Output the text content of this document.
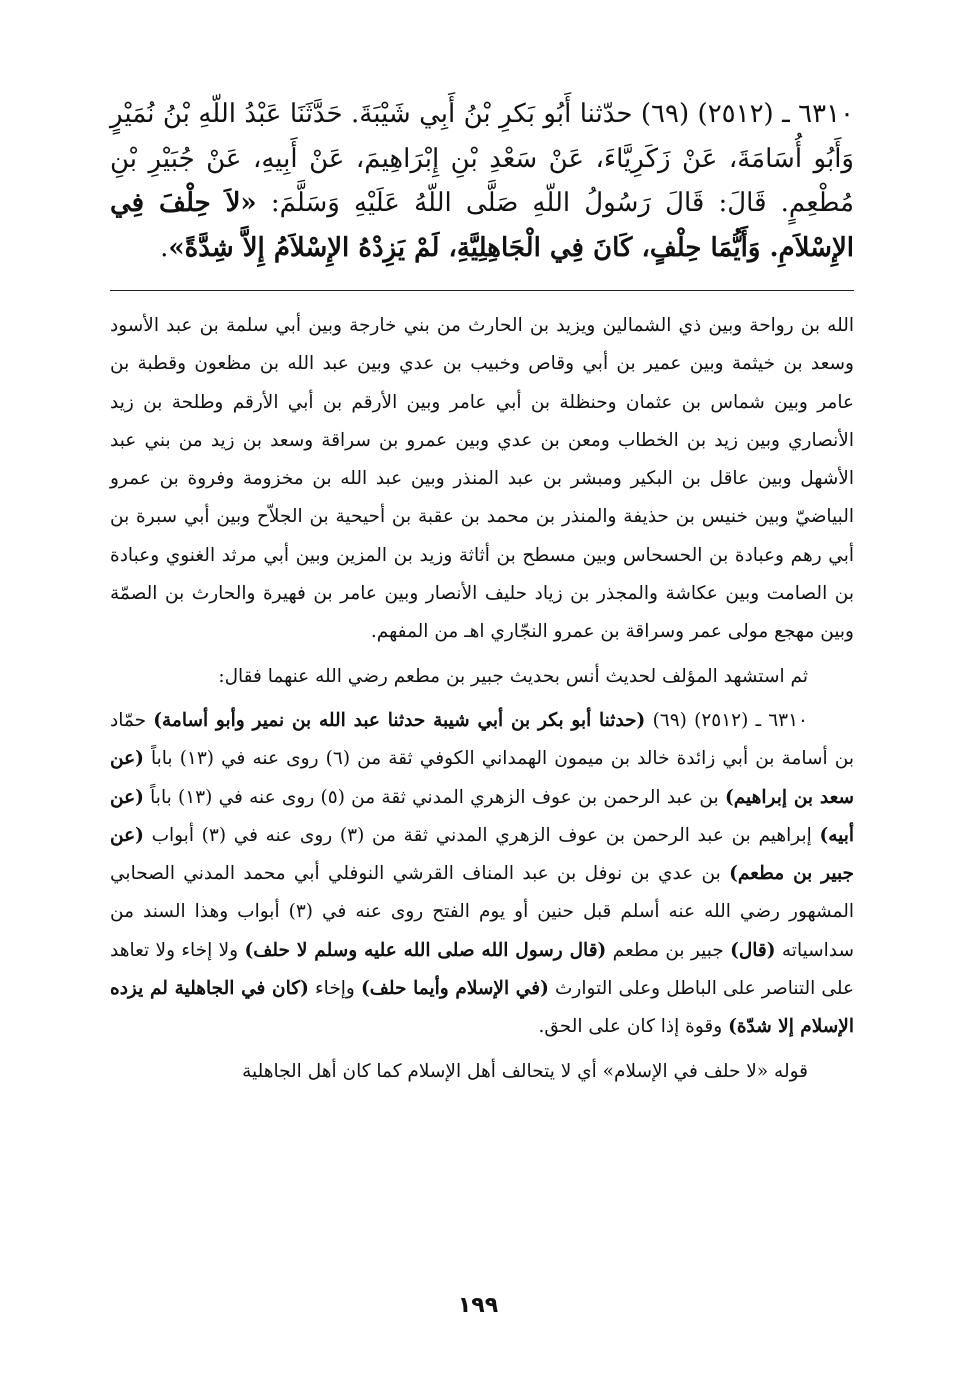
٦٣١٠ ـ (٢٥١٢) (٦٩) حدّثنا أَبُو بَكرِ بْنُ أَبِي شَيْبَةَ. حَدَّثَنَا عَبْدُ اللّهِ بْنُ نُمَيْرٍ وَأَبُو أُسَامَةَ، عَنْ زَكَرِيَّاءَ، عَنْ سَعْدِ بْنِ إِبْرَاهِيمَ، عَنْ أَبِيهِ، عَنْ جُبَيْرِ بْنِ مُطْعِمٍ. قَالَ: قَالَ رَسُولُ اللّهِ صَلَّى اللّهُ عَلَيْهِ وَسَلَّمَ: «لاَ حِلْفَ فِي الإِسْلاَمِ. وَأَيُّمَا حِلْفٍ، كَانَ فِي الْجَاهِلِيَّةِ، لَمْ يَزِدْهُ الإِسْلاَمُ إِلاَّ شِدَّةً».

الله بن رواحة وبين ذي الشمالين ويزيد بن الحارث من بني خارجة وبين أبي سلمة بن عبد الأسود وسعد بن خيثمة وبين عمير بن أبي وقاص وخبيب بن عدي وبين عبد الله بن مظعون وقطبة بن عامر وبين شماس بن عثمان وحنظلة بن أبي عامر وبين الأرقم بن أبي الأرقم وطلحة بن زيد الأنصاري وبين زيد بن الخطاب ومعن بن عدي وبين عمرو بن سراقة وسعد بن زيد من بني عبد الأشهل وبين عاقل بن البكير ومبشر بن عبد المنذر وبين عبد الله بن مخزومة وفروة بن عمرو البياضيّ وبين خنيس بن حذيفة والمنذر بن محمد بن عقبة بن أحيحية بن الجلاّح وبين أبي سبرة بن أبي رهم وعبادة بن الحسحاس وبين مسطح بن أثاثة وزيد بن المزين وبين أبي مرثد الغنوي وعبادة بن الصامت وبين عكاشة والمجذر بن زياد حليف الأنصار وبين عامر بن فهيرة والحارث بن الصمّة وبين مهجع مولى عمر وسراقة بن عمرو النجّاري اهـ من المفهم.

ثم استشهد المؤلف لحديث أنس بحديث جبير بن مطعم رضي الله عنهما فقال:

٦٣١٠ ـ (٢٥١٢) (٦٩) (حدثنا أبو بكر بن أبي شيبة حدثنا عبد الله بن نمير وأبو أسامة) حمّاد بن أسامة بن أبي زائدة خالد بن ميمون الهمداني الكوفي ثقة من (٦) روى عنه في (١٣) باباً (عن سعد بن إبراهيم) بن عبد الرحمن بن عوف الزهري المدني ثقة من (٥) روى عنه في (١٣) باباً (عن أبيه) إبراهيم بن عبد الرحمن بن عوف الزهري المدني ثقة من (٣) روى عنه في (٣) أبواب (عن جبير بن مطعم) بن عدي بن نوفل بن عبد المناف القرشي النوفلي أبي محمد المدني الصحابي المشهور رضي الله عنه أسلم قبل حنين أو يوم الفتح روى عنه في (٣) أبواب وهذا السند من سداسياته (قال) جبير بن مطعم (قال رسول الله صلى الله عليه وسلم لا حلف) ولا إخاء ولا تعاهد على التناصر على الباطل وعلى التوارث (في الإسلام وأيما حلف) وإخاء (كان في الجاهلية لم يزده الإسلام إلا شدّة) وقوة إذا كان على الحق.

قوله «لا حلف في الإسلام» أي لا يتحالف أهل الإسلام كما كان أهل الجاهلية

١٩٩
